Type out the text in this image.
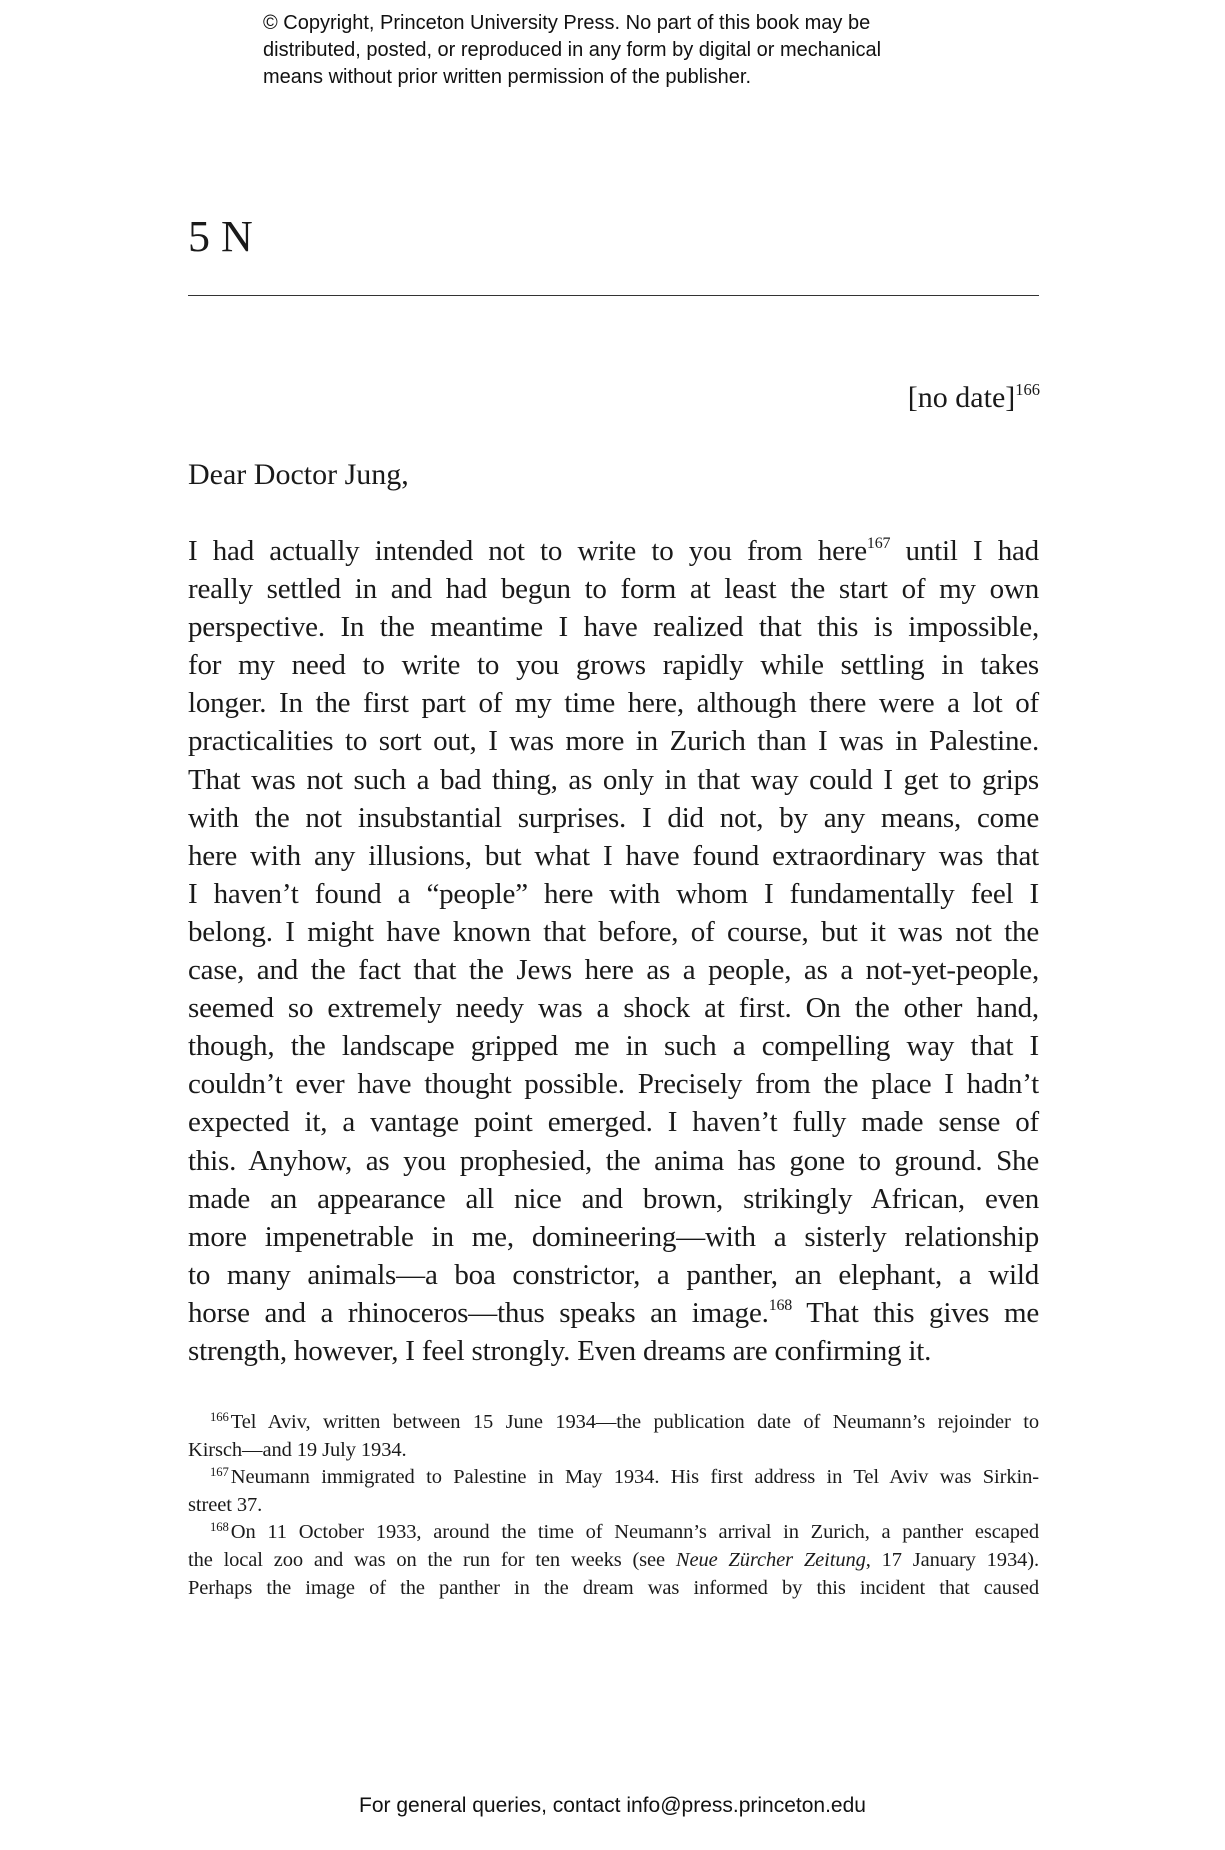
© Copyright, Princeton University Press. No part of this book may be
distributed, posted, or reproduced in any form by digital or mechanical
means without prior written permission of the publisher.
5 N
[no date]$^{166}$
Dear Doctor Jung,
I had actually intended not to write to you from here$^{167}$ until I had
really settled in and had begun to form at least the start of my own
perspective. In the meantime I have realized that this is impossible,
for my need to write to you grows rapidly while settling in takes
longer. In the first part of my time here, although there were a lot of
practicalities to sort out, I was more in Zurich than I was in Palestine.
That was not such a bad thing, as only in that way could I get to grips
with the not insubstantial surprises. I did not, by any means, come
here with any illusions, but what I have found extraordinary was that
I haven’t found a “people” here with whom I fundamentally feel I
belong. I might have known that before, of course, but it was not the
case, and the fact that the Jews here as a people, as a not-yet-people,
seemed so extremely needy was a shock at first. On the other hand,
though, the landscape gripped me in such a compelling way that I
couldn’t ever have thought possible. Precisely from the place I hadn’t
expected it, a vantage point emerged. I haven’t fully made sense of
this. Anyhow, as you prophesied, the anima has gone to ground. She
made an appearance all nice and brown, strikingly African, even
more impenetrable in me, domineering—with a sisterly relationship
to many animals—a boa constrictor, a panther, an elephant, a wild
horse and a rhinoceros—thus speaks an image.$^{168}$ That this gives me
strength, however, I feel strongly. Even dreams are confirming it.
$^{166}$Tel Aviv, written between 15 June 1934—the publication date of Neumann’s rejoinder to
Kirsch—and 19 July 1934.
$^{167}$Neumann immigrated to Palestine in May 1934. His first address in Tel Aviv was Sirkin-
street 37.
$^{168}$On 11 October 1933, around the time of Neumann’s arrival in Zurich, a panther escaped
the local zoo and was on the run for ten weeks (see Neue Zürcher Zeitung, 17 January 1934).
Perhaps the image of the panther in the dream was informed by this incident that caused
For general queries, contact info@press.princeton.edu
